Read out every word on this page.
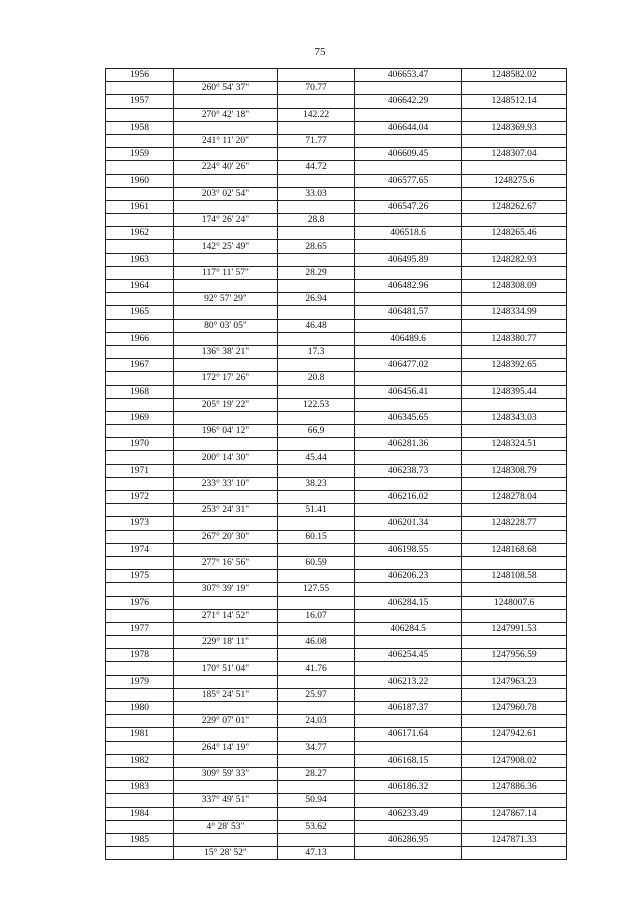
75
1956			406653.47	1248582.02
	260° 54' 37"	70.77		
1957			406642.29	1248512.14
	270° 42' 18"	142.22		
1958			406644.04	1248369.93
	241° 11' 20"	71.77		
1959			406609.45	1248307.04
	224° 40' 26"	44.72		
1960			406577.65	1248275.6
	203° 02' 54"	33.03		
1961			406547.26	1248262.67
	174° 26' 24"	28.8		
1962			406518.6	1248265.46
	142° 25' 49"	28.65		
1963			406495.89	1248282.93
	117° 11' 57"	28.29		
1964			406482.96	1248308.09
	92° 57' 29"	26.94		
1965			406481.57	1248334.99
	80° 03' 05"	46.48		
1966			406489.6	1248380.77
	136° 38' 21"	17.3		
1967			406477.02	1248392.65
	172° 17' 26"	20.8		
1968			406456.41	1248395.44
	205° 19' 22"	122.53		
1969			406345.65	1248343.03
	196° 04' 12"	66.9		
1970			406281.36	1248324.51
	200° 14' 30"	45.44		
1971			406238.73	1248308.79
	233° 33' 10"	38.23		
1972			406216.02	1248278.04
	253° 24' 31"	51.41		
1973			406201.34	1248228.77
	267° 20' 30"	60.15		
1974			406198.55	1248168.68
	277° 16' 56"	60.59		
1975			406206.23	1248108.58
	307° 39' 19"	127.55		
1976			406284.15	1248007.6
	271° 14' 52"	16.07		
1977			406284.5	1247991.53
	229° 18' 11"	46.08		
1978			406254.45	1247956.59
	170° 51' 04"	41.76		
1979			406213.22	1247963.23
	185° 24' 51"	25.97		
1980			406187.37	1247960.78
	229° 07' 01"	24.03		
1981			406171.64	1247942.61
	264° 14' 19"	34.77		
1982			406168.15	1247908.02
	309° 59' 33"	28.27		
1983			406186.32	1247886.36
	337° 49' 51"	50.94		
1984			406233.49	1247867.14
	4° 28' 53"	53.62		
1985			406286.95	1247871.33
	15° 28' 52"	47.13		
